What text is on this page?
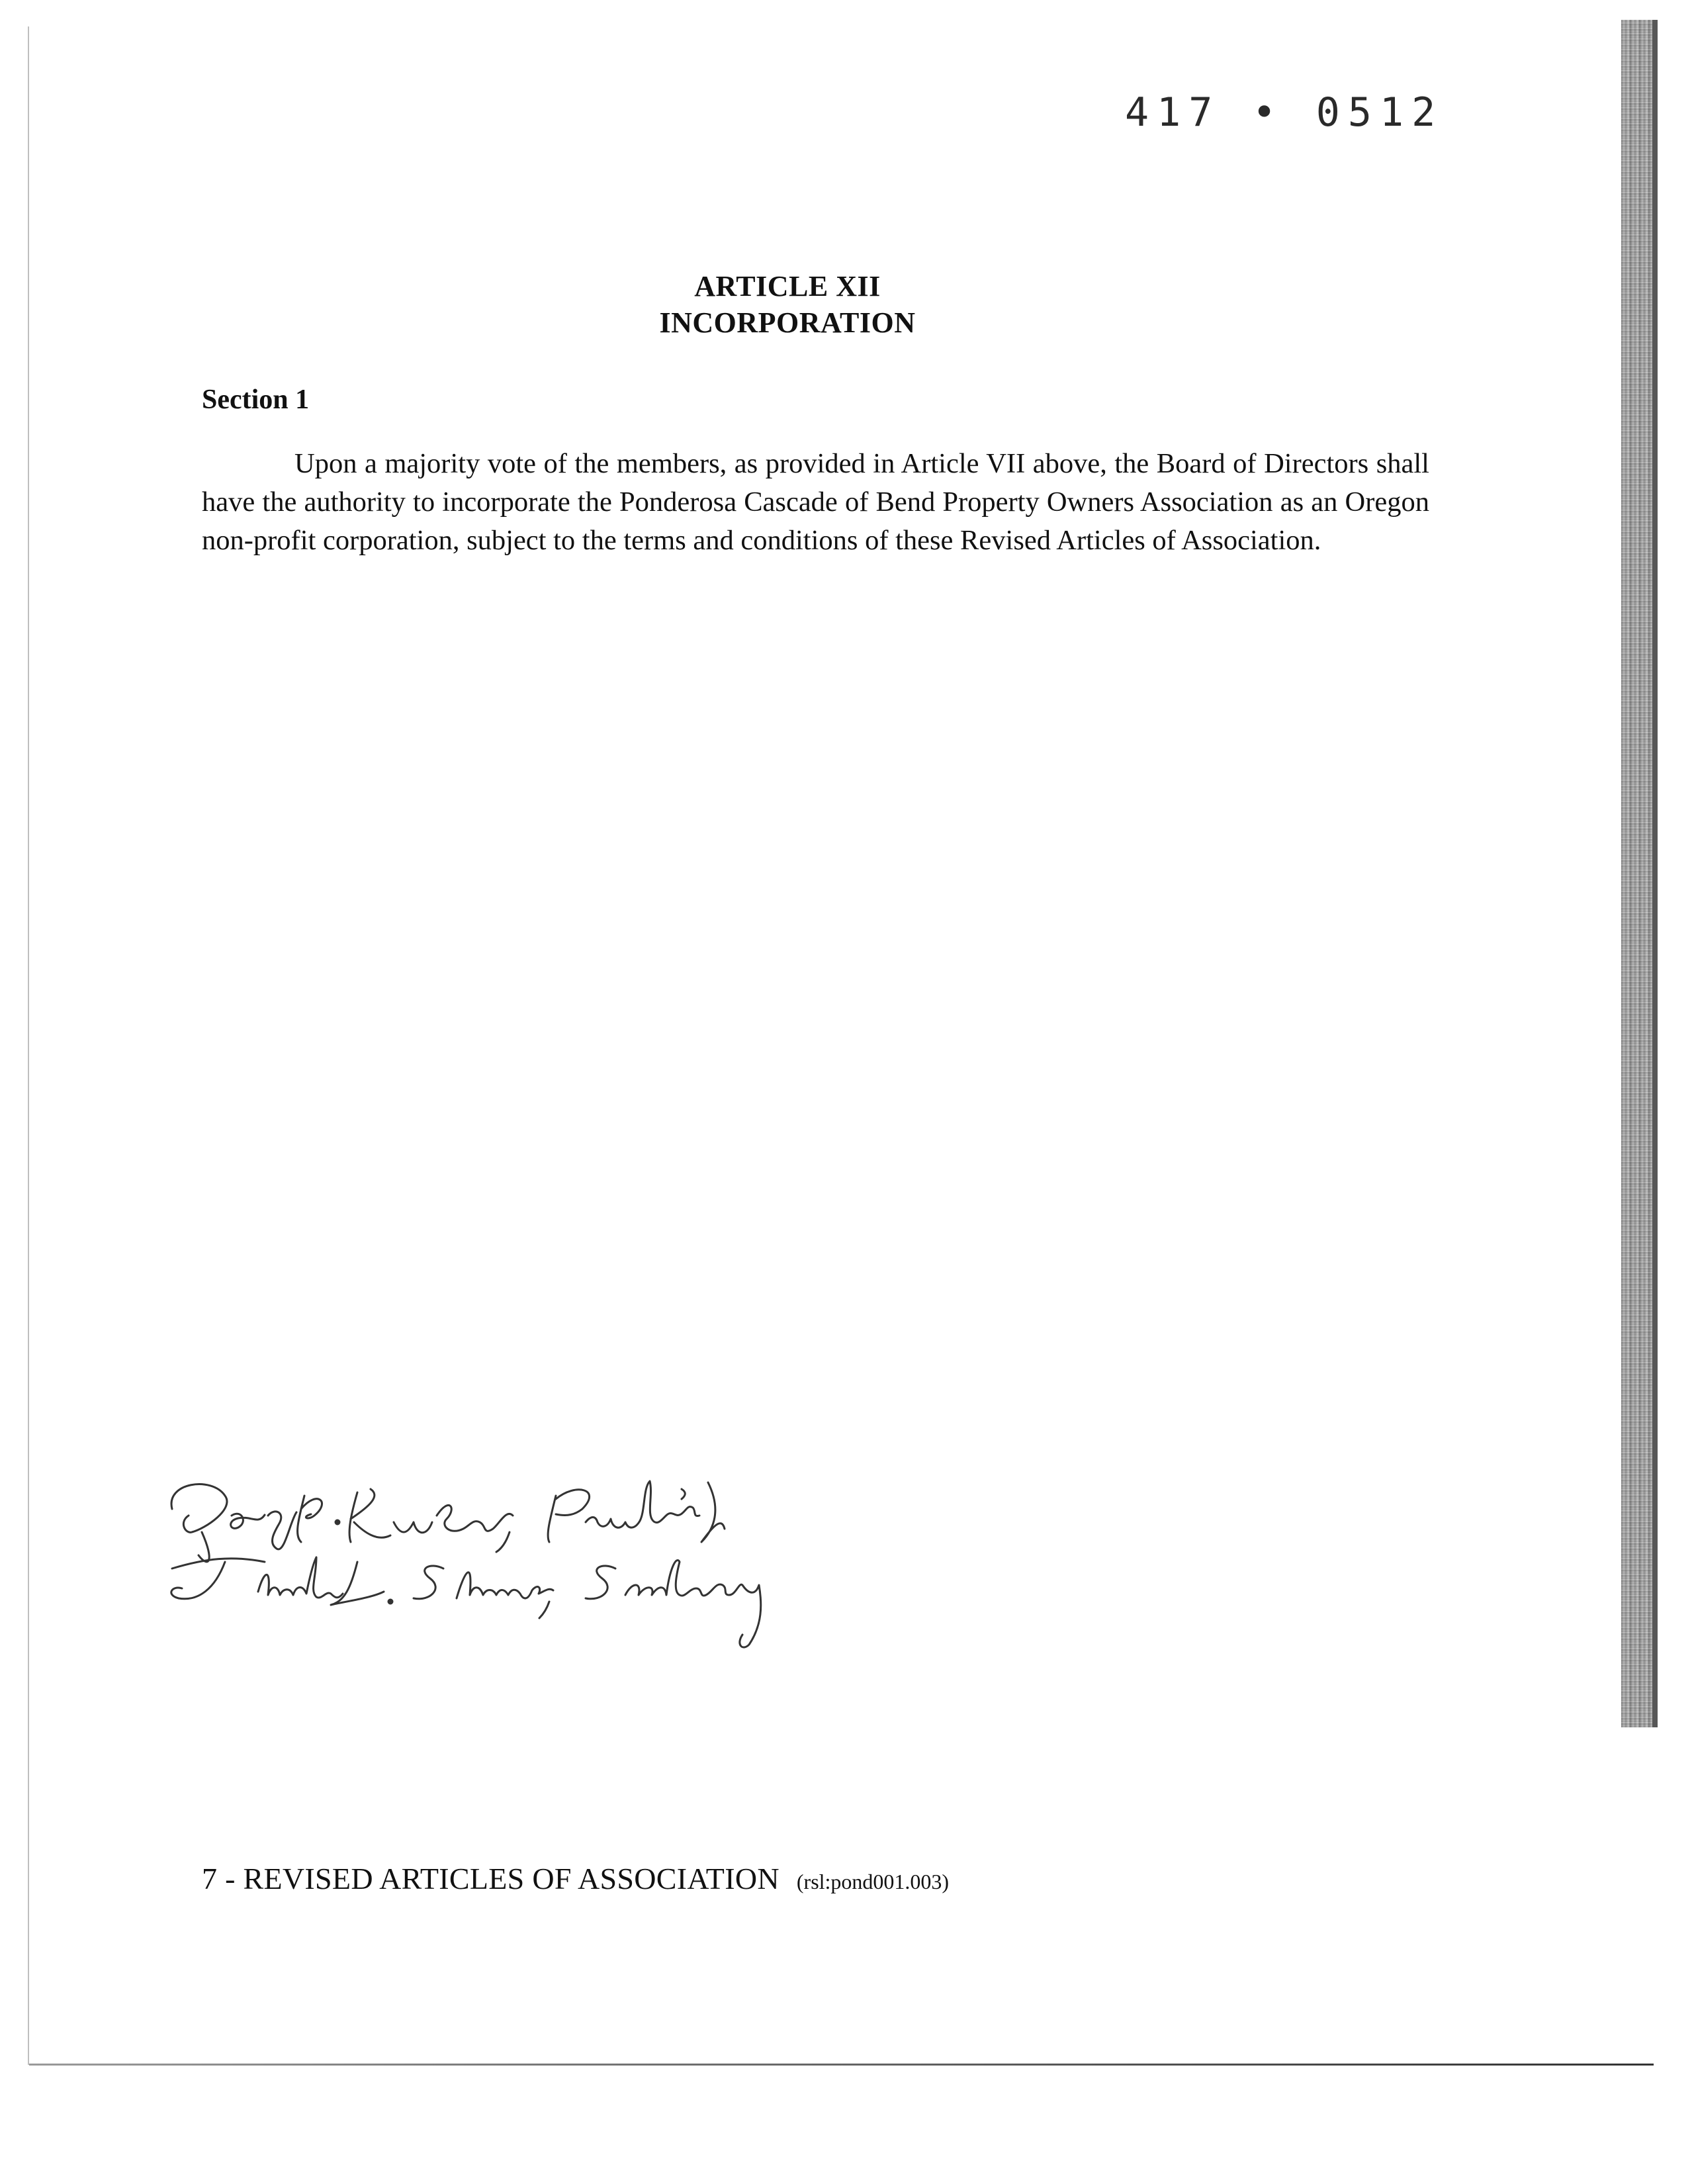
417 • 0512
ARTICLE XII
INCORPORATION
Section 1
Upon a majority vote of the members, as provided in Article VII above, the Board of Directors shall have the authority to incorporate the Ponderosa Cascade of Bend Property Owners Association as an Oregon non-profit corporation, subject to the terms and conditions of these Revised Articles of Association.
7 - REVISED ARTICLES OF ASSOCIATION (rsl:pond001.003)
